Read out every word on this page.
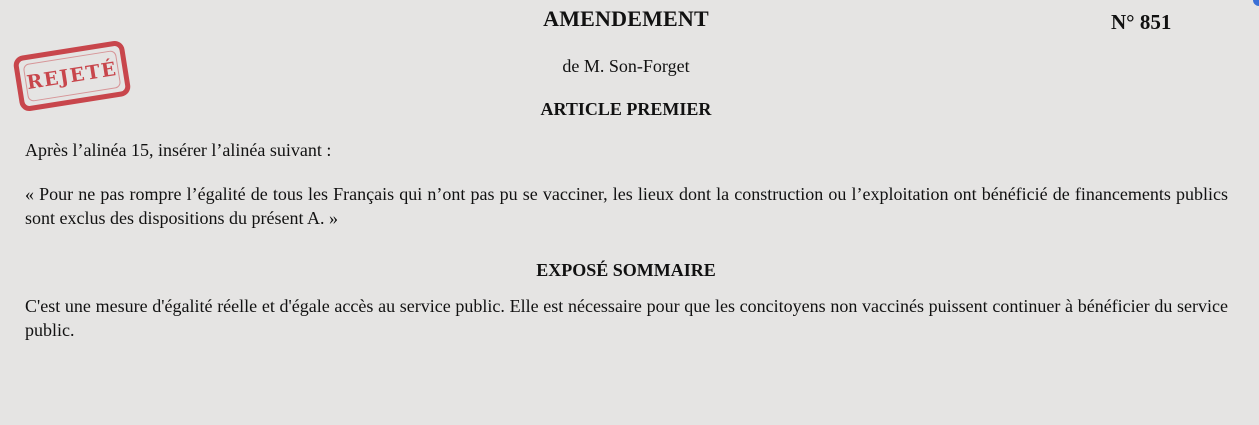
REJETÉ
AMENDEMENT	N° 851
de M. Son-Forget
ARTICLE PREMIER
Après l’alinéa 15, insérer l’alinéa suivant :
« Pour ne pas rompre l’égalité de tous les Français qui n’ont pas pu se vacciner, les lieux dont la construction ou l’exploitation ont bénéficié de financements publics sont exclus des dispositions du présent A. »
EXPOSÉ SOMMAIRE
C'est une mesure d'égalité réelle et d'égale accès au service public. Elle est nécessaire pour que les concitoyens non vaccinés puissent continuer à bénéficier du service public.
